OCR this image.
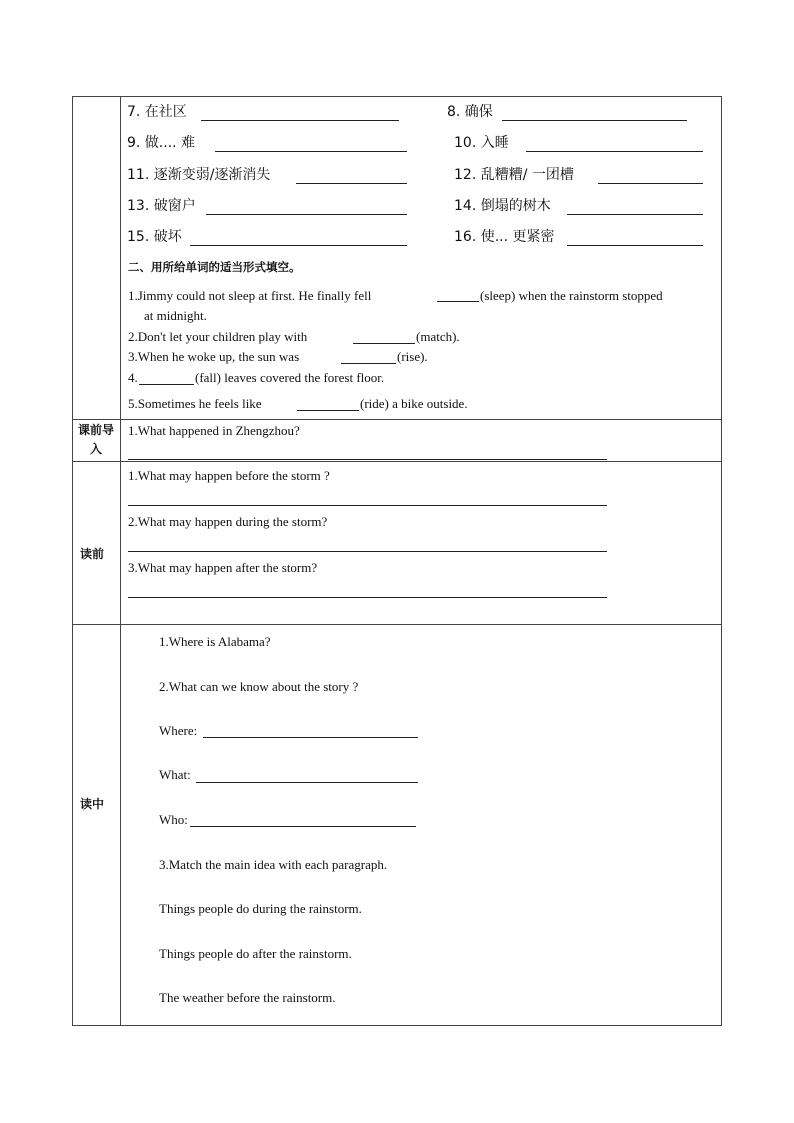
7. 在社区	8. 确保
9. 做.... 难	10. 入睡
11. 逐渐变弱/逐渐消失	12. 乱糟糟/ 一团槽
13. 破窗户	14. 倒塌的树木
15. 破坏	16. 使... 更紧密
二、用所给单词的适当形式填空。
1.Jimmy could not sleep at first. He finally fell	(sleep) when the rainstorm stopped
at midnight.
2.Don't let your children play with	(match).
3.When he woke up, the sun was	(rise).
4.	(fall) leaves covered the forest floor.
5.Sometimes he feels like	(ride) a bike outside.
课前导入
1.What happened in Zhengzhou?
读前
1.What may happen before the storm ?
2.What may happen during the storm?
3.What may happen after the storm?
读中
1.Where is Alabama?
2.What can we know about the story ?
Where:
What:
Who:
3.Match the main idea with each paragraph.
Things people do during the rainstorm.
Things people do after the rainstorm.
The weather before the rainstorm.
